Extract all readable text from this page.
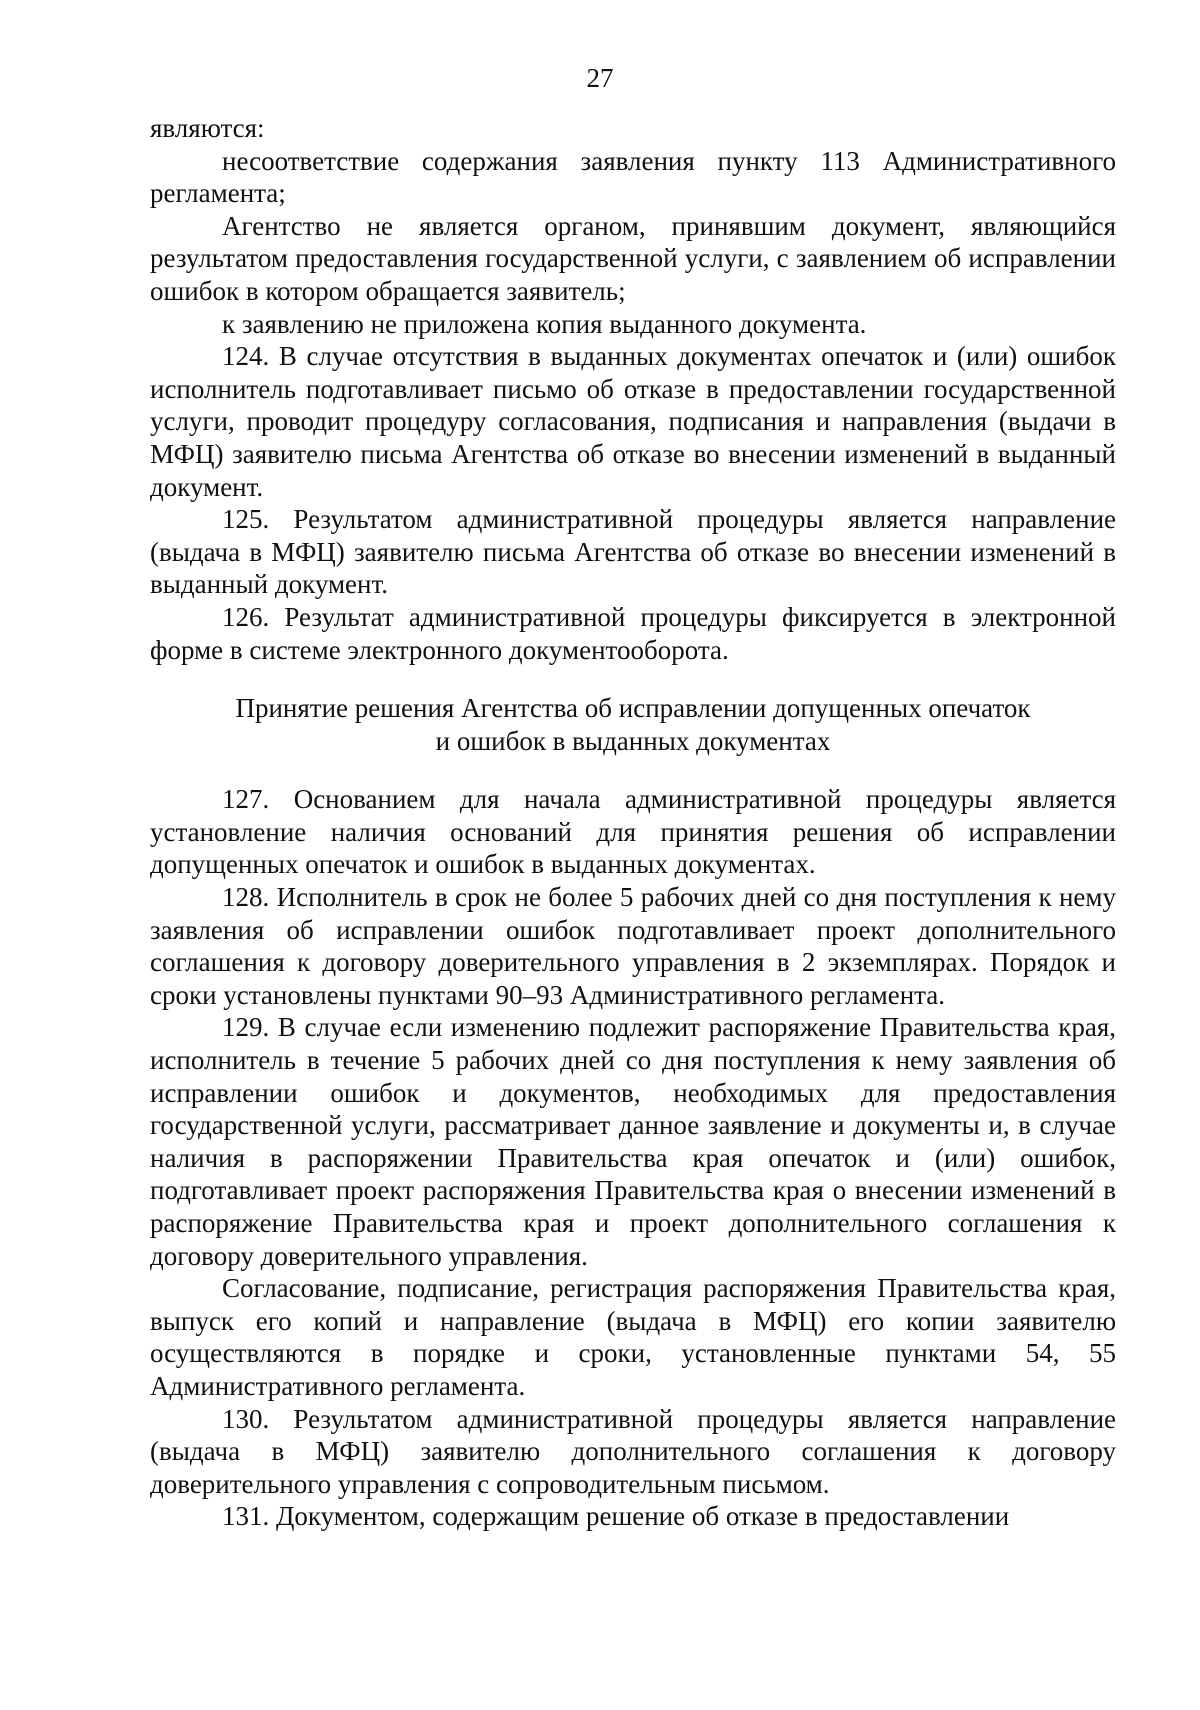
27

являются:

несоответствие содержания заявления пункту 113 Административного регламента;

Агентство не является органом, принявшим документ, являющийся результатом предоставления государственной услуги, с заявлением об исправлении ошибок в котором обращается заявитель;

к заявлению не приложена копия выданного документа.

124. В случае отсутствия в выданных документах опечаток и (или) ошибок исполнитель подготавливает письмо об отказе в предоставлении государственной услуги, проводит процедуру согласования, подписания и направления (выдачи в МФЦ) заявителю письма Агентства об отказе во внесении изменений в выданный документ.

125. Результатом административной процедуры является направление (выдача в МФЦ) заявителю письма Агентства об отказе во внесении изменений в выданный документ.

126. Результат административной процедуры фиксируется в электронной форме в системе электронного документооборота.

Принятие решения Агентства об исправлении допущенных опечаток
и ошибок в выданных документах

127. Основанием для начала административной процедуры является установление наличия оснований для принятия решения об исправлении допущенных опечаток и ошибок в выданных документах.

128. Исполнитель в срок не более 5 рабочих дней со дня поступления к нему заявления об исправлении ошибок подготавливает проект дополнительного соглашения к договору доверительного управления в 2 экземплярах. Порядок и сроки установлены пунктами 90–93 Административного регламента.

129. В случае если изменению подлежит распоряжение Правительства края, исполнитель в течение 5 рабочих дней со дня поступления к нему заявления об исправлении ошибок и документов, необходимых для предоставления государственной услуги, рассматривает данное заявление и документы и, в случае наличия в распоряжении Правительства края опечаток и (или) ошибок, подготавливает проект распоряжения Правительства края о внесении изменений в распоряжение Правительства края и проект дополнительного соглашения к договору доверительного управления.

Согласование, подписание, регистрация распоряжения Правительства края, выпуск его копий и направление (выдача в МФЦ) его копии заявителю осуществляются в порядке и сроки, установленные пунктами 54, 55 Административного регламента.

130. Результатом административной процедуры является направление (выдача в МФЦ) заявителю дополнительного соглашения к договору доверительного управления с сопроводительным письмом.

131. Документом, содержащим решение об отказе в предоставлении
